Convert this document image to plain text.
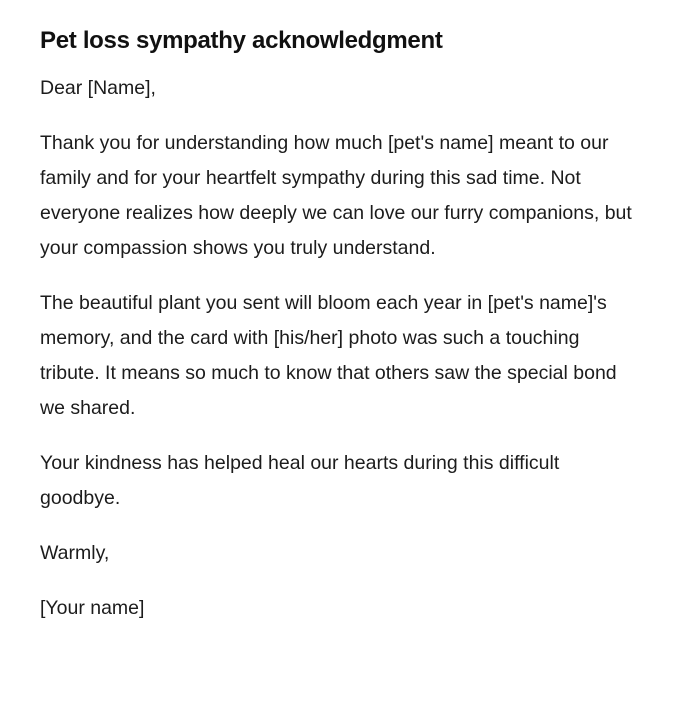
Pet loss sympathy acknowledgment

Dear [Name],

Thank you for understanding how much [pet's name] meant to our family and for your heartfelt sympathy during this sad time. Not everyone realizes how deeply we can love our furry companions, but your compassion shows you truly understand.

The beautiful plant you sent will bloom each year in [pet's name]'s memory, and the card with [his/her] photo was such a touching tribute. It means so much to know that others saw the special bond we shared.

Your kindness has helped heal our hearts during this difficult goodbye.

Warmly,

[Your name]
